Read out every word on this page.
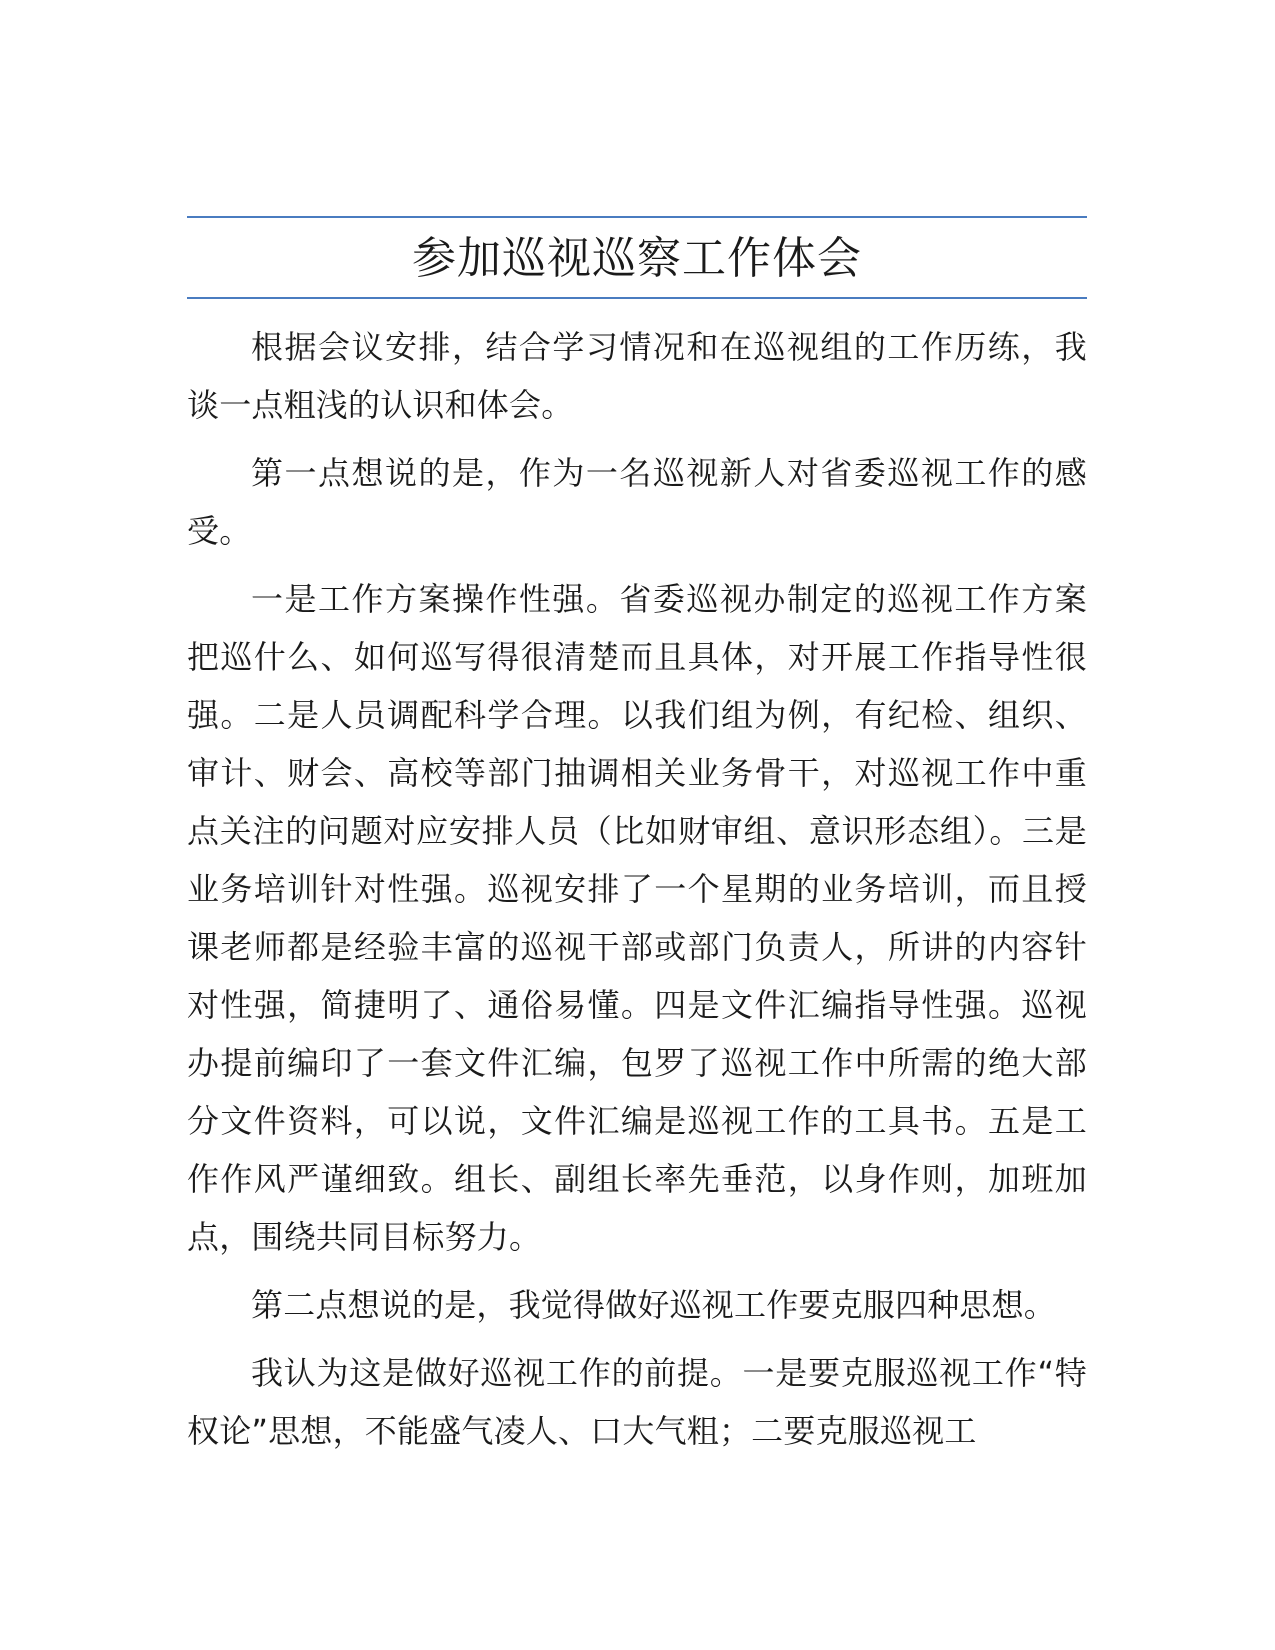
参加巡视巡察工作体会

根据会议安排，结合学习情况和在巡视组的工作历练，我谈一点粗浅的认识和体会。

第一点想说的是，作为一名巡视新人对省委巡视工作的感受。

一是工作方案操作性强。省委巡视办制定的巡视工作方案把巡什么、如何巡写得很清楚而且具体，对开展工作指导性很强。二是人员调配科学合理。以我们组为例，有纪检、组织、审计、财会、高校等部门抽调相关业务骨干，对巡视工作中重点关注的问题对应安排人员（比如财审组、意识形态组）。三是业务培训针对性强。巡视安排了一个星期的业务培训，而且授课老师都是经验丰富的巡视干部或部门负责人，所讲的内容针对性强，简捷明了、通俗易懂。四是文件汇编指导性强。巡视办提前编印了一套文件汇编，包罗了巡视工作中所需的绝大部分文件资料，可以说，文件汇编是巡视工作的工具书。五是工作作风严谨细致。组长、副组长率先垂范，以身作则，加班加点，围绕共同目标努力。

第二点想说的是，我觉得做好巡视工作要克服四种思想。

我认为这是做好巡视工作的前提。一是要克服巡视工作“特权论”思想，不能盛气凌人、口大气粗；二要克服巡视工
